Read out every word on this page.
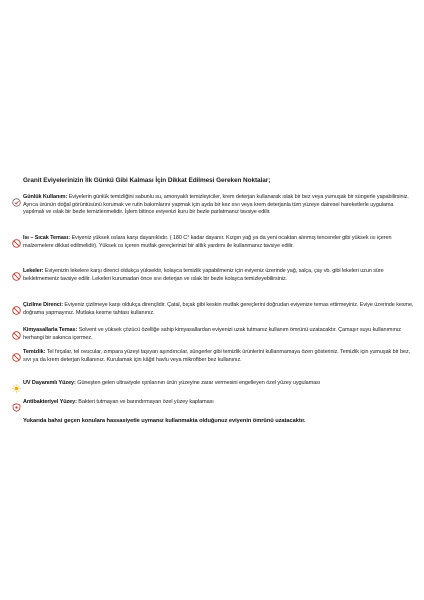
Granit Eviyelerinizin İlk Günkü Gibi Kalması İçin Dikkat Edilmesi Gereken Noktalar;
Günlük Kullanım: Eviyelerin günlük temizliğini sabunlu su, amonyaklı temizleyiciler, krem deterjan kullanarak ıslak bir bez veya yumuşak bir süngerle yapabilirsiniz. Ayrıca ürünün doğal görüntüsünü korumak ve rutin bakımlarını yapmak için ayda bir kez sıvı veya krem deterjanla tüm yüzeye dairesel hareketlerle uygulama yapılmalı ve ıslak bir bezle temizlenmelidir. İşlem bitince eviyenizi kuru bir bezle parlatmanız tavsiye edilir.
Isı – Sıcak Teması: Eviyeniz yüksek ısılara karşı dayanıklıdır. ( 180 C° kadar dayanır. Kızgın yağ ya da yeni ocaktan alınmış tencereler gibi yüksek ısı içeren malzemelere dikkat edilmelidir). Yüksek ısı içeren mutfak gereçlerinizi bir altlık yardımı ile kullanmanız tavsiye edilir.
Lekeler: Eviyenizin lekelere karşı direnci oldukça yüksektir, kolayca temizlik yapabilmeniz için eviyeniz üzerinde yağ, salça, çay vb. gibi lekeleri uzun süre bekletmemeniz tavsiye edilir. Lekeleri kurumadan önce sıvı deterjan ve ıslak bir bezle kolayca temizleyebilirsiniz.
Çizilme Direnci: Eviyeniz çizilmeye karşı oldukça dirençlidir. Çatal, bıçak gibi keskin mutfak gereçlerini doğrudan eviyenize temas ettirmeyiniz. Eviye üzerinde kesme, doğrama yapmayınız. Mutlaka kesme tahtası kullanınız.
Kimyasallarla Temas: Solvent ve yüksek çözücü özelliğe sahip kimyasallardan eviyenizi uzak tutmanız kullanım ömrünü uzatacaktır. Çamaşır suyu kullanımınız herhangi bir sakınca içermez.
Temizlik: Tel fırçalar, tel ovucular, zımpara yüzeyi taşıyan aşındırıcılar, süngerler gibi temizlik ürünlerini kullanmamaya özen gösteriniz. Temizlik için yumuşak bir bez, sıvı ya da krem deterjan kullanınız. Kurulamak için kâğıt havlu veya mikrofiber bez kullanınız.
UV Dayanımlı Yüzey: Güneşten gelen ultraviyole ışınlarının ürün yüzeyine zarar vermesini engelleyen özel yüzey uygulaması
Antibakteriyel Yüzey: Bakteri tutmayan ve barındırmayan özel yüzey kaplaması
Yukarıda bahsi geçen konulara hassasiyetle uymanız kullanmakta olduğunuz eviyenin ömrünü uzatacaktır.
